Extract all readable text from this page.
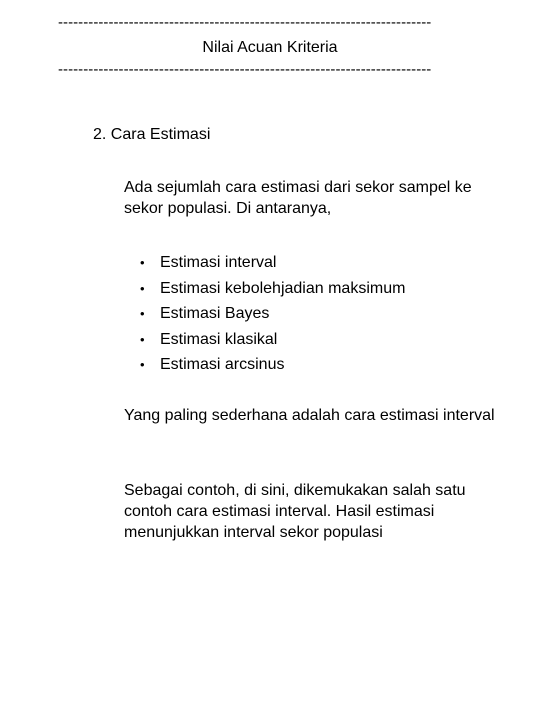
--------------------------------------------------------------------------
Nilai Acuan Kriteria
--------------------------------------------------------------------------
2. Cara Estimasi
Ada sejumlah cara estimasi dari sekor sampel ke sekor populasi. Di antaranya,
• Estimasi interval
• Estimasi kebolehjadian maksimum
• Estimasi Bayes
• Estimasi klasikal
• Estimasi arcsinus
Yang paling sederhana adalah cara estimasi interval
Sebagai contoh, di sini, dikemukakan salah satu contoh cara estimasi interval. Hasil estimasi menunjukkan interval sekor populasi
